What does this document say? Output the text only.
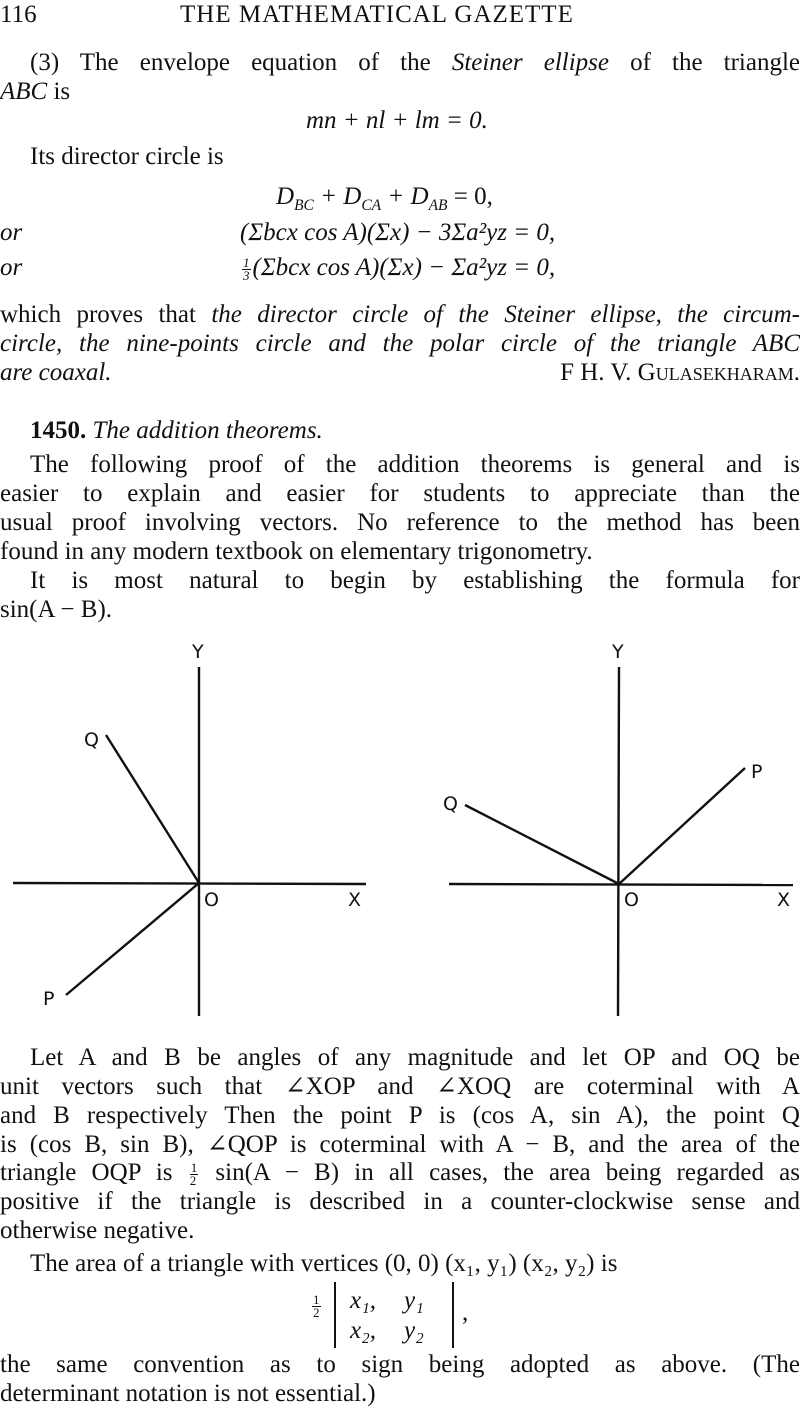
116	THE MATHEMATICAL GAZETTE
(3) The envelope equation of the Steiner ellipse of the triangle
ABC is
mn + nl + lm = 0.
Its director circle is
$D_{BC} + D_{CA} + D_{AB} = 0$,
or	(Σbcx cos A)(Σx) − 3Σa²yz = 0,
or	$\frac{1}{3} (\Sigma bcx$ cos A)(Σx) − Σa²yz = 0,
which proves that the director circle of the Steiner ellipse, the circum-
circle, the nine-points circle and the polar circle of the triangle ABC
are coaxal.	F H. V. Gulasekharam.
1450. The addition theorems.
The following proof of the addition theorems is general and is
easier to explain and easier for students to appreciate than the
usual proof involving vectors. No reference to the method has been
found in any modern textbook on elementary trigonometry.
It is most natural to begin by establishing the formula for
sin(A − B).
Y
Q
O	X
P
Y
Q
O	X
P
Let A and B be angles of any magnitude and let OP and OQ be
unit vectors such that ∠XOP and ∠XOQ are coterminal with A
and B respectively Then the point P is (cos A, sin A), the point Q
is (cos B, sin B), ∠QOP is coterminal with A − B, and the area of the
triangle OQP is $\frac{1}{2} \sin(A - B)$ in all cases, the area being regarded as
positive if the triangle is described in a counter-clockwise sense and
otherwise negative.
The area of a triangle with vertices (0, 0) (x₁, y₁) (x₂, y₂) is
$\frac{1}{2} x_1$, y₁
x₂, y₂
,
the same convention as to sign being adopted as above. (The
determinant notation is not essential.)
